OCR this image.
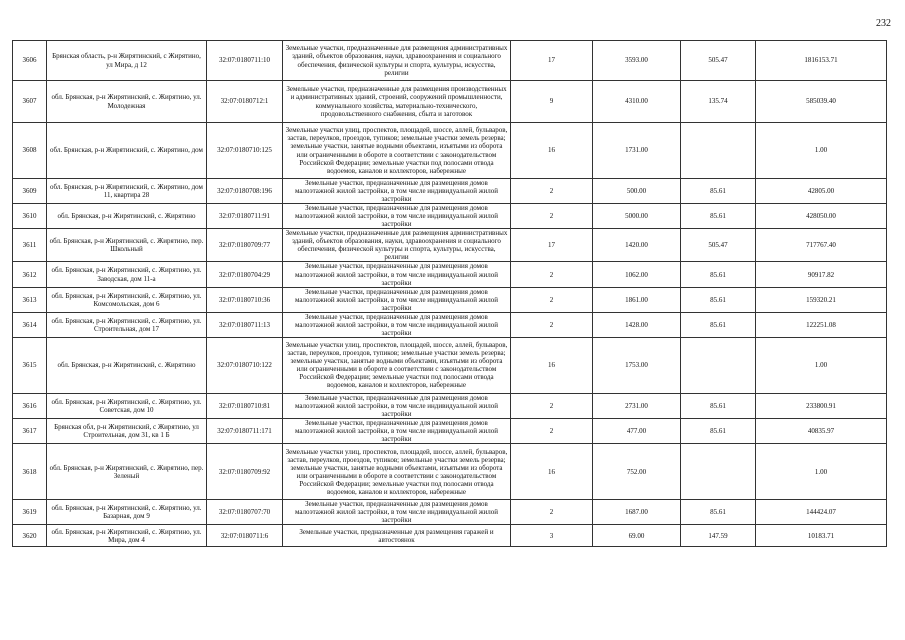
232
3606	Брянская область, р-н Жирятинский, с Жирятино, ул Мира, д 12	32:07:0180711:10	Земельные участки, предназначенные для размещения административных зданий, объектов образования, науки, здравоохранения и социального обеспечения, физической культуры и спорта, культуры, искусства, религии	17	3593.00	505.47	1816153.71
3607	обл. Брянская, р-н Жирятинский, с. Жирятино, ул. Молодежная	32:07:0180712:1	Земельные участки, предназначенные для размещения производственных и административных зданий, строений, сооружений промышленности, коммунального хозяйства, материально-технического, продовольственного снабжения, сбыта и заготовок	9	4310.00	135.74	585039.40
3608	обл. Брянская, р-н Жирятинский, с. Жирятино, дом	32:07:0180710:125	Земельные участки улиц, проспектов, площадей, шоссе, аллей, бульваров, застав, переулков, проездов, тупиков; земельные участки земель резерва; земельные участки, занятые водными объектами, изъятыми из оборота или ограниченными в обороте в соответствии с законодательством Российской Федерации; земельные участки под полосами отвода водоемов, каналов и коллекторов, набережные	16	1731.00		1.00
3609	обл. Брянская, р-н Жирятинский, с. Жирятино, дом 11, квартира 28	32:07:0180708:196	Земельные участки, предназначенные для размещения домов малоэтажной жилой застройки, в том числе индивидуальной жилой застройки	2	500.00	85.61	42805.00
3610	обл. Брянская, р-н Жирятинский, с. Жирятино	32:07:0180711:91	Земельные участки, предназначенные для размещения домов малоэтажной жилой застройки, в том числе индивидуальной жилой застройки	2	5000.00	85.61	428050.00
3611	обл. Брянская, р-н Жирятинский, с. Жирятино, пер. Школьный	32:07:0180709:77	Земельные участки, предназначенные для размещения административных зданий, объектов образования, науки, здравоохранения и социального обеспечения, физической культуры и спорта, культуры, искусства, религии	17	1420.00	505.47	717767.40
3612	обл. Брянская, р-н Жирятинский, с. Жирятино, ул. Заводская, дом 11-а	32:07:0180704:29	Земельные участки, предназначенные для размещения домов малоэтажной жилой застройки, в том числе индивидуальной жилой застройки	2	1062.00	85.61	90917.82
3613	обл. Брянская, р-н Жирятинский, с. Жирятино, ул. Комсомольская, дом 6	32:07:0180710:36	Земельные участки, предназначенные для размещения домов малоэтажной жилой застройки, в том числе индивидуальной жилой застройки	2	1861.00	85.61	159320.21
3614	обл. Брянская, р-н Жирятинский, с. Жирятино, ул. Строительная, дом 17	32:07:0180711:13	Земельные участки, предназначенные для размещения домов малоэтажной жилой застройки, в том числе индивидуальной жилой застройки	2	1428.00	85.61	122251.08
3615	обл. Брянская, р-н Жирятинский, с. Жирятино	32:07:0180710:122	Земельные участки улиц, проспектов, площадей, шоссе, аллей, бульваров, застав, переулков, проездов, тупиков; земельные участки земель резерва; земельные участки, занятые водными объектами, изъятыми из оборота или ограниченными в обороте в соответствии с законодательством Российской Федерации; земельные участки под полосами отвода водоемов, каналов и коллекторов, набережные	16	1753.00		1.00
3616	обл. Брянская, р-н Жирятинский, с. Жирятино, ул. Советская, дом 10	32:07:0180710:81	Земельные участки, предназначенные для размещения домов малоэтажной жилой застройки, в том числе индивидуальной жилой застройки	2	2731.00	85.61	233800.91
3617	Брянская обл, р-н Жирятинский, с Жирятино, ул Строительная, дом 31, кв 1 Б	32:07:0180711:171	Земельные участки, предназначенные для размещения домов малоэтажной жилой застройки, в том числе индивидуальной жилой застройки	2	477.00	85.61	40835.97
3618	обл. Брянская, р-н Жирятинский, с. Жирятино, пер. Зеленый	32:07:0180709:92	Земельные участки улиц, проспектов, площадей, шоссе, аллей, бульваров, застав, переулков, проездов, тупиков; земельные участки земель резерва; земельные участки, занятые водными объектами, изъятыми из оборота или ограниченными в обороте в соответствии с законодательством Российской Федерации; земельные участки под полосами отвода водоемов, каналов и коллекторов, набережные	16	752.00		1.00
3619	обл. Брянская, р-н Жирятинский, с. Жирятино, ул. Базарная, дом 9	32:07:0180707:70	Земельные участки, предназначенные для размещения домов малоэтажной жилой застройки, в том числе индивидуальной жилой застройки	2	1687.00	85.61	144424.07
3620	обл. Брянская, р-н Жирятинский, с. Жирятино, ул. Мира, дом 4	32:07:0180711:6	Земельные участки, предназначенные для размещения гаражей и автостоянок	3	69.00	147.59	10183.71
